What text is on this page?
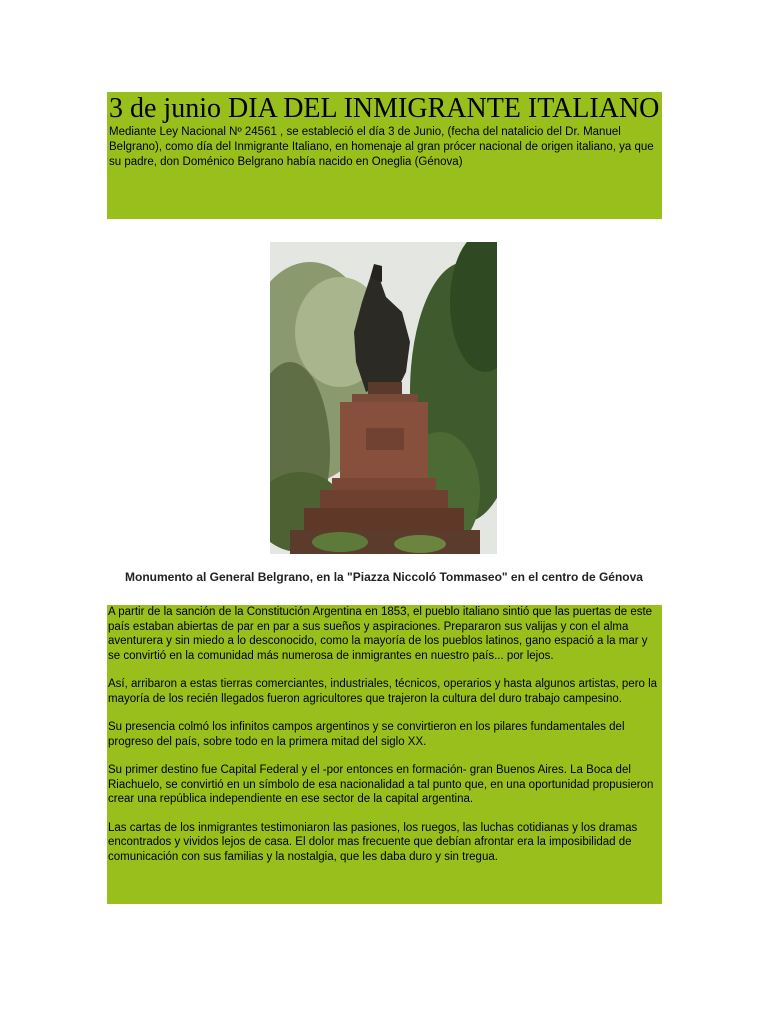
3 de junio DIA DEL INMIGRANTE ITALIANO
Mediante Ley Nacional Nº 24561 , se estableció el día 3 de Junio, (fecha del natalicio del Dr. Manuel Belgrano), como día del Inmigrante Italiano, en homenaje al gran prócer nacional de origen italiano, ya que su padre, don Doménico Belgrano había nacido en Oneglia (Génova)
Monumento al General Belgrano, en la "Piazza Niccoló Tommaseo" en el centro de Génova

A partir de la sanción de la Constitución Argentina en 1853, el pueblo italiano sintió que las puertas de este país estaban abiertas de par en par a sus sueños y aspiraciones. Prepararon sus valijas y con el alma aventurera y sin miedo a lo desconocido, como la mayoría de los pueblos latinos, gano espació a la mar y se convirtió en la comunidad más numerosa de inmigrantes en nuestro país... por lejos.

Así, arribaron a estas tierras comerciantes, industriales, técnicos, operarios y hasta algunos artistas, pero la mayoría de los recién llegados fueron agricultores que trajeron la cultura del duro trabajo campesino.

Su presencia colmó los infinitos campos argentinos y se convirtieron en los pilares fundamentales del progreso del país, sobre todo en la primera mitad del siglo XX.

Su primer destino fue Capital Federal y el -por entonces en formación- gran Buenos Aires. La Boca del Riachuelo, se convirtió en un símbolo de esa nacionalidad a tal punto que, en una oportunidad propusieron crear una república independiente en ese sector de la capital argentina.

Las cartas de los inmigrantes testimoniaron las pasiones, los ruegos, las luchas cotidianas y los dramas encontrados y vividos lejos de casa. El dolor mas frecuente que debían afrontar era la imposibilidad de comunicación con sus familias y la nostalgia, que les daba duro y sin tregua.
